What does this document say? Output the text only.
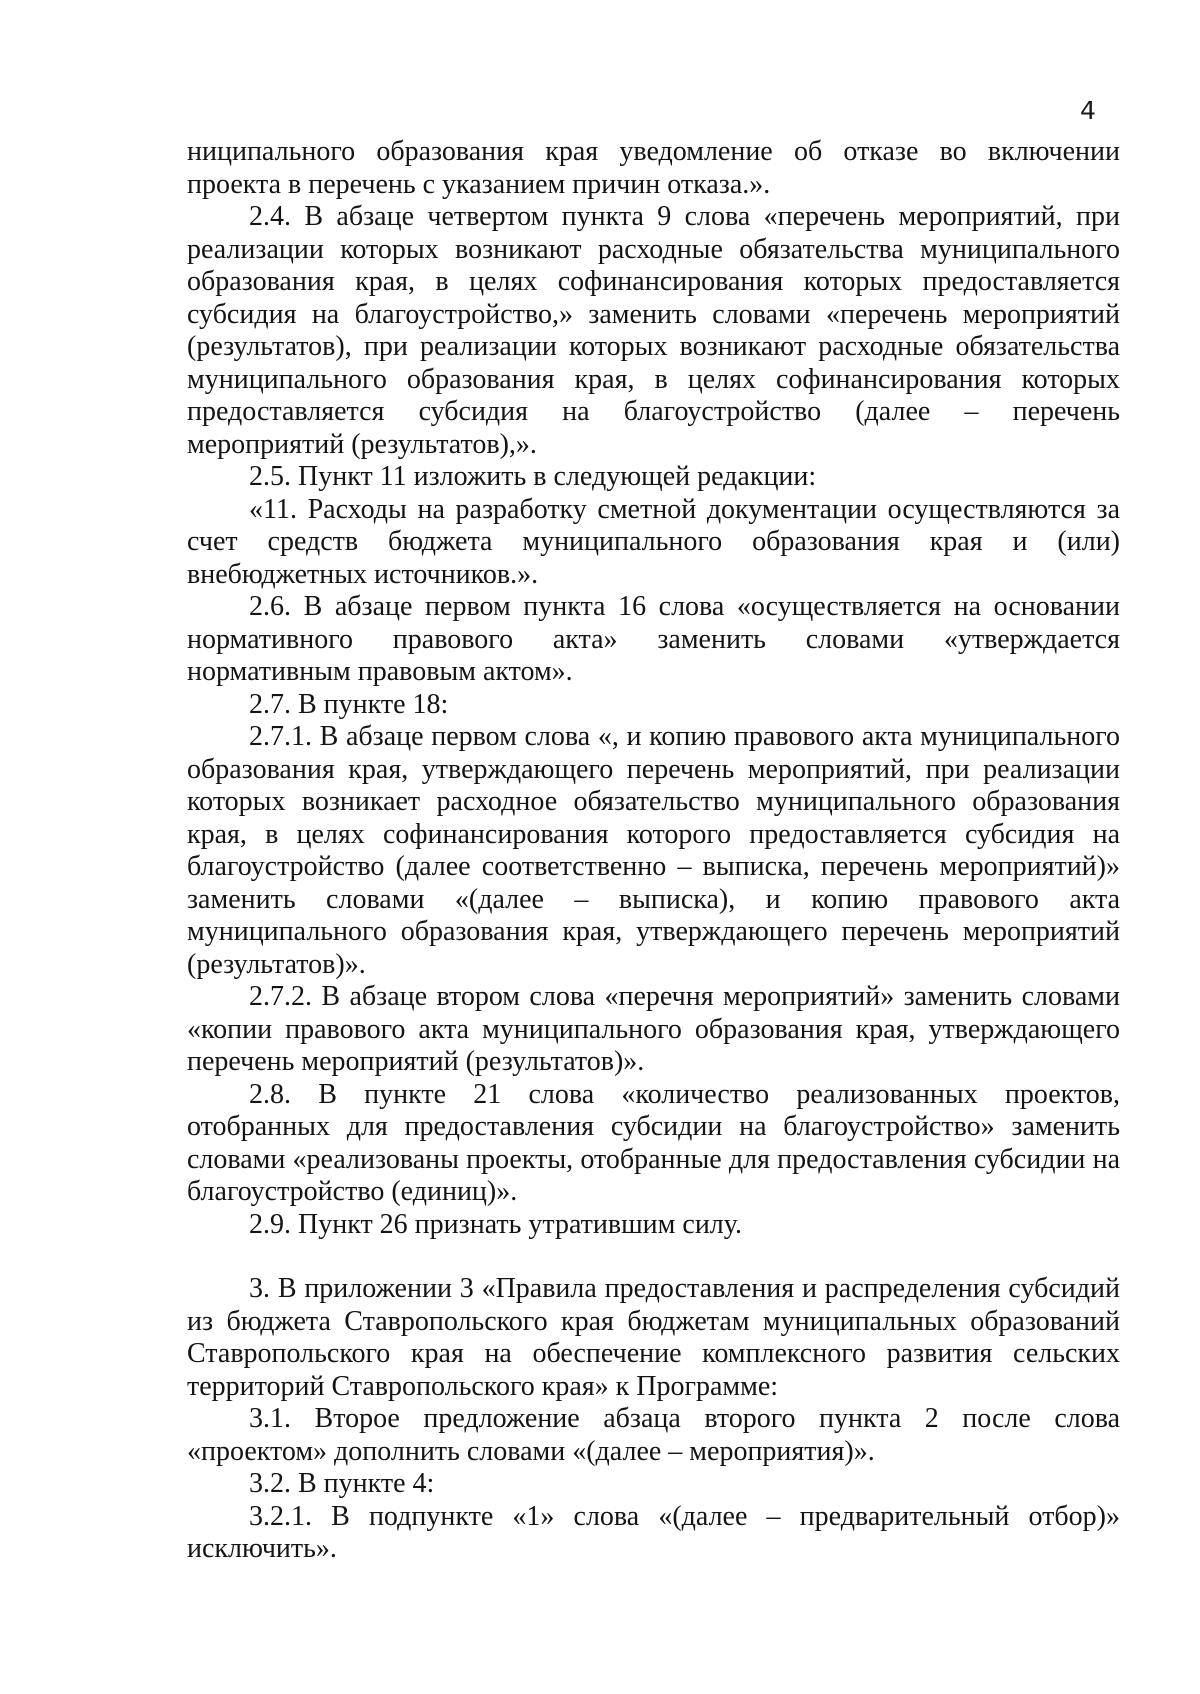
4

ниципального образования края уведомление об отказе во включении проекта в перечень с указанием причин отказа.».

2.4. В абзаце четвертом пункта 9 слова «перечень мероприятий, при реализации которых возникают расходные обязательства муниципального образования края, в целях софинансирования которых предоставляется субсидия на благоустройство,» заменить словами «перечень мероприятий (результатов), при реализации которых возникают расходные обязательства муниципального образования края, в целях софинансирования которых предоставляется субсидия на благоустройство (далее – перечень мероприятий (результатов),».

2.5. Пункт 11 изложить в следующей редакции:

«11. Расходы на разработку сметной документации осуществляются за счет средств бюджета муниципального образования края и (или) внебюджетных источников.».

2.6. В абзаце первом пункта 16 слова «осуществляется на основании нормативного правового акта» заменить словами «утверждается нормативным правовым актом».

2.7. В пункте 18:

2.7.1. В абзаце первом слова «, и копию правового акта муниципального образования края, утверждающего перечень мероприятий, при реализации которых возникает расходное обязательство муниципального образования края, в целях софинансирования которого предоставляется субсидия на благоустройство (далее соответственно – выписка, перечень мероприятий)» заменить словами «(далее – выписка), и копию правового акта муниципального образования края, утверждающего перечень мероприятий (результатов)».

2.7.2. В абзаце втором слова «перечня мероприятий» заменить словами «копии правового акта муниципального образования края, утверждающего перечень мероприятий (результатов)».

2.8. В пункте 21 слова «количество реализованных проектов, отобранных для предоставления субсидии на благоустройство» заменить словами «реализованы проекты, отобранные для предоставления субсидии на благоустройство (единиц)».

2.9. Пункт 26 признать утратившим силу.

3. В приложении 3 «Правила предоставления и распределения субсидий из бюджета Ставропольского края бюджетам муниципальных образований Ставропольского края на обеспечение комплексного развития сельских территорий Ставропольского края» к Программе:

3.1. Второе предложение абзаца второго пункта 2 после слова «проектом» дополнить словами «(далее – мероприятия)».

3.2. В пункте 4:

3.2.1. В подпункте «1» слова «(далее – предварительный отбор)» исключить».
